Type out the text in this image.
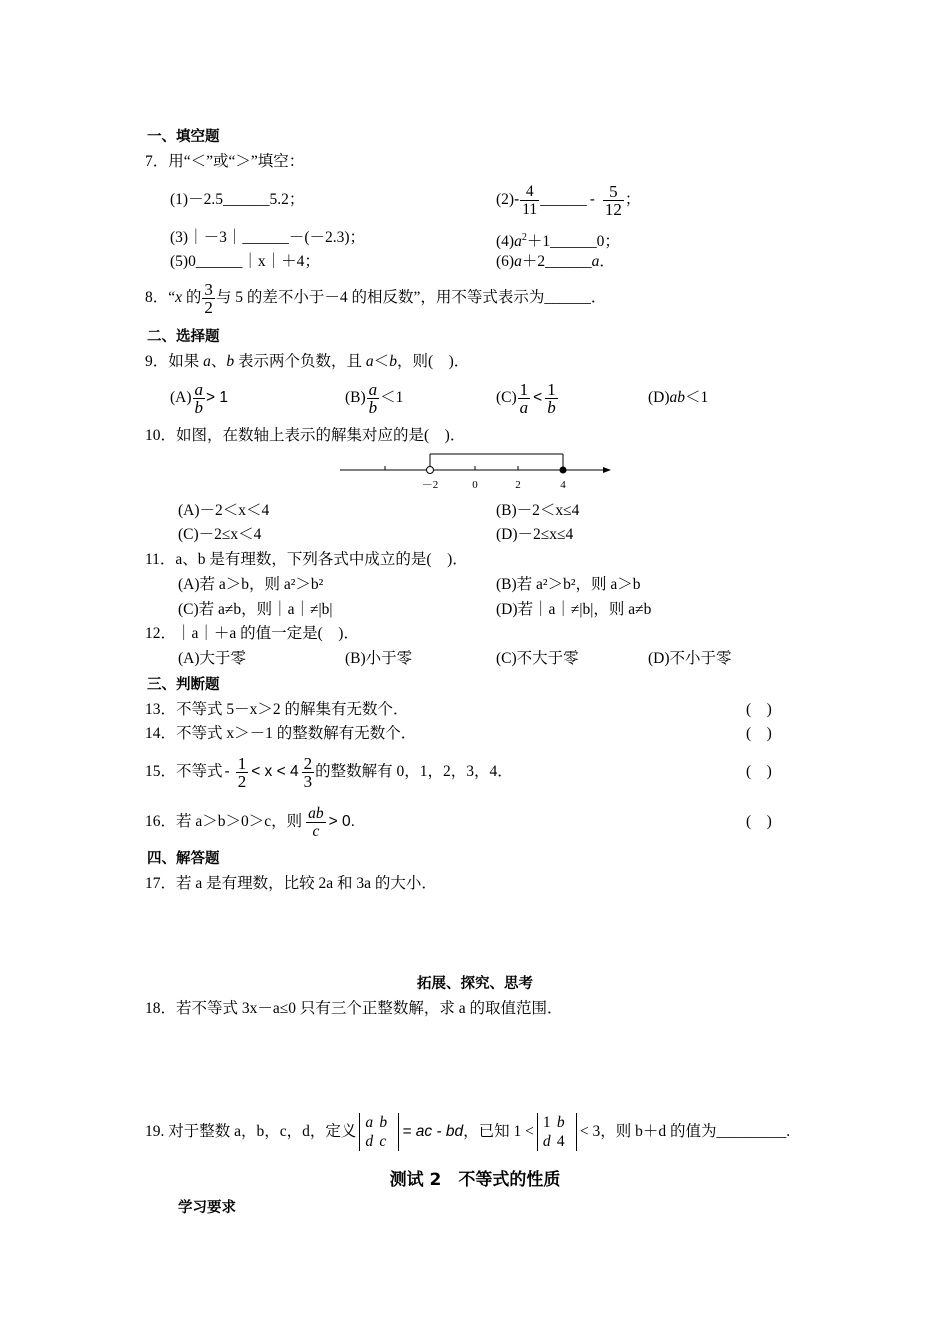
一、填空题
7．用“＜”或“＞”填空：
(1)－2.5______5.2；	$(2) - \frac{4}{11}$ ______ - $\frac{5}{12}$ ；
(3)｜－3｜______－(－2.3)；	$(4)a^2+1\_\_\_\_\_\_0$；
(5)0______｜x｜＋4；	(6)a＋2______a．
8．“ x 的 $\frac{3}{2}$ 与 5 的差不小于－4 的相反数”，用不等式表示为______．
二、选择题
9．如果 a、b 表示两个负数，且 a＜b，则(　)．
$(A) \frac{a}{b} > 1$	$(B) \frac{a}{b} <1$	$(C) \frac{1}{a} < \frac{1}{b}$	(D)ab＜1
10．如图，在数轴上表示的解集对应的是(　)．
－2	0	2	4
(A)－2＜x＜4	(B)－2＜x≤4
(C)－2≤x＜4	(D)－2≤x≤4
11．a、b 是有理数，下列各式中成立的是(　)．
(A)若 a＞b，则 a²＞b²	(B)若 a²＞b²，则 a＞b
(C)若 a≠b，则｜a｜≠|b|	(D)若｜a｜≠|b|，则 a≠b
12．｜a｜＋a 的值一定是(　)．
(A)大于零	(B)小于零	(C)不大于零	(D)不小于零
三、判断题
13．不等式 5－x＞2 的解集有无数个．	(　)
14．不等式 x＞－1 的整数解有无数个．	(　)
15．不等式 - $\frac{1}{2} < x < 4 \frac{2}{3}$ 的整数解有 0，1，2，3，4．	(　)
16．若 a＞b＞0＞c，则 $\frac{ab}{c} > 0$.	(　)
四、解答题
17．若 a 是有理数，比较 2a 和 3a 的大小．
拓展、探究、思考
18．若不等式 3x－a≤0 只有三个正整数解，求 a 的取值范围．
19. 对于整数 a，b，c，d，定义
a b
d c
= ac - bd ，已知 1 <
1 b
d 4
< 3，则 b＋d 的值为_________.
测试 2　不等式的性质
学习要求
